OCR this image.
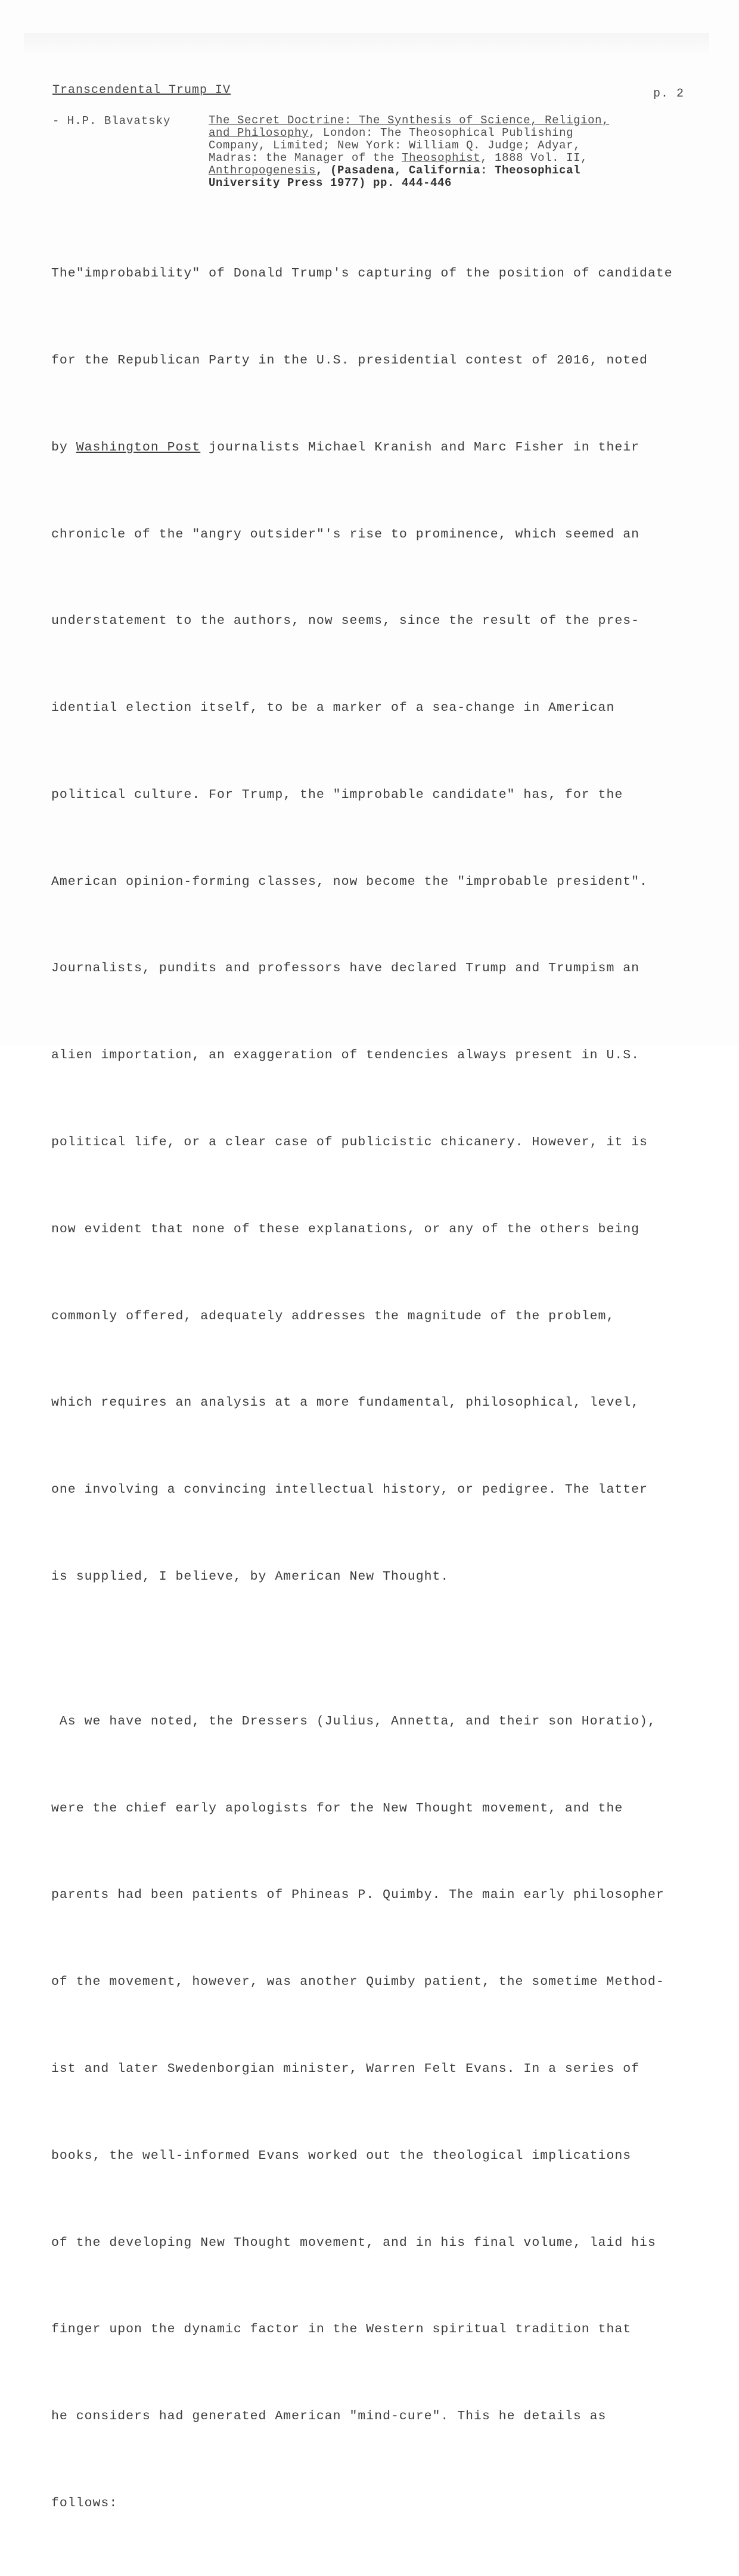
Transcendental Trump IV	p. 2
- H.P. Blavatsky	The Secret Doctrine: The Synthesis of Science, Religion,
and Philosophy, London: The Theosophical Publishing
Company, Limited; New York: William Q. Judge; Adyar,
Madras: the Manager of the Theosophist, 1888 Vol. II,
Anthropogenesis, (Pasadena, California: Theosophical
University Press 1977) pp. 444-446

The"improbability" of Donald Trump's capturing of the position of candidate

for the Republican Party in the U.S. presidential contest of 2016, noted

by Washington Post journalists Michael Kranish and Marc Fisher in their

chronicle of the "angry outsider"'s rise to prominence, which seemed an

understatement to the authors, now seems, since the result of the pres-

idential election itself, to be a marker of a sea-change in American

political culture. For Trump, the "improbable candidate" has, for the

American opinion-forming classes, now become the "improbable president".

Journalists, pundits and professors have declared Trump and Trumpism an

alien importation, an exaggeration of tendencies always present in U.S.

political life, or a clear case of publicistic chicanery. However, it is

now evident that none of these explanations, or any of the others being

commonly offered, adequately addresses the magnitude of the problem,

which requires an analysis at a more fundamental, philosophical, level,

one involving a convincing intellectual history, or pedigree. The latter

is supplied, I believe, by American New Thought.

As we have noted, the Dressers (Julius, Annetta, and their son Horatio),

were the chief early apologists for the New Thought movement, and the

parents had been patients of Phineas P. Quimby. The main early philosopher

of the movement, however, was another Quimby patient, the sometime Method-

ist and later Swedenborgian minister, Warren Felt Evans. In a series of

books, the well-informed Evans worked out the theological implications

of the developing New Thought movement, and in his final volume, laid his

finger upon the dynamic factor in the Western spiritual tradition that

he considers had generated American "mind-cure". This he details as

follows:
